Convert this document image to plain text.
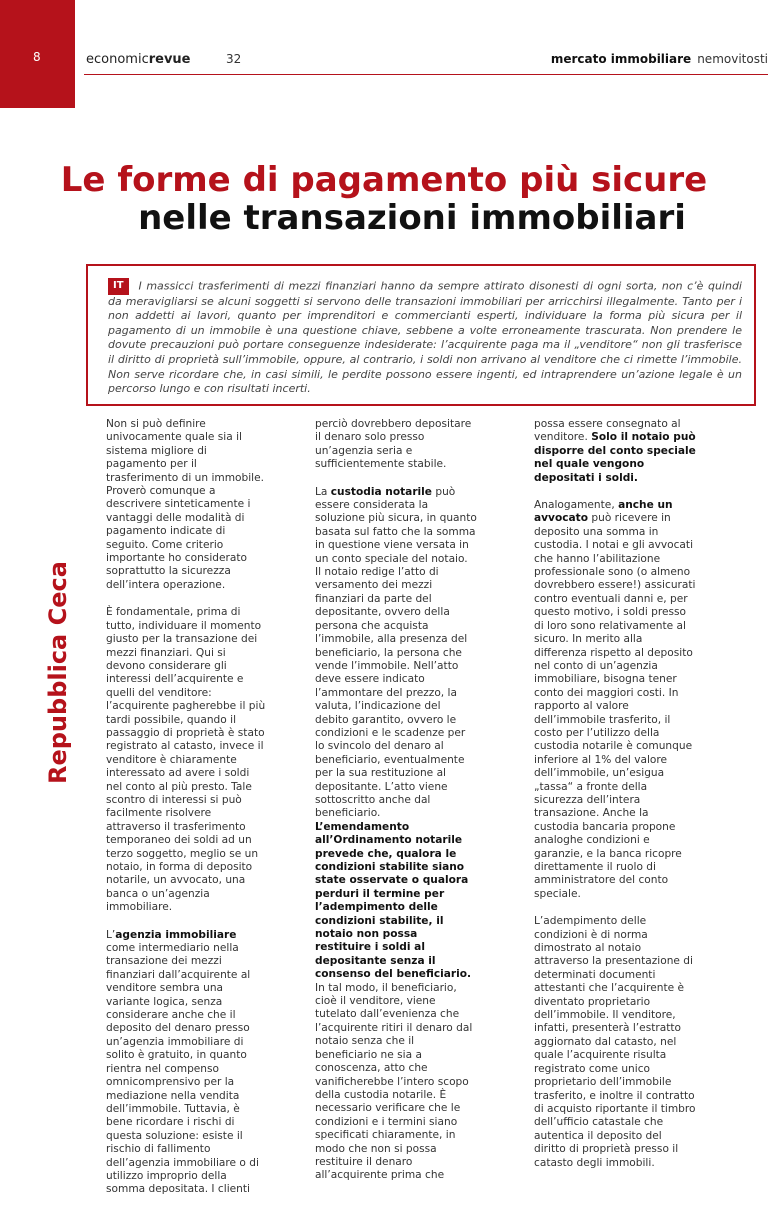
8	economicrevue	32	mercato immobiliare nemovitosti
Le forme di pagamento più sicure
nelle transazioni immobiliari
IT I massicci trasferimenti di mezzi finanziari hanno da sempre attirato disonesti di ogni sorta, non c’è quindi da meravigliarsi se alcuni soggetti si servono delle transazioni immobiliari per arricchirsi illegalmente. Tanto per i non addetti ai lavori, quanto per imprenditori e commercianti esperti, individuare la forma più sicura per il pagamento di un immobile è una questione chiave, sebbene a volte erroneamente trascurata. Non prendere le dovute precauzioni può portare conseguenze indesiderate: l’acquirente paga ma il „venditore“ non gli trasferisce il diritto di proprietà sull’immobile, oppure, al contrario, i soldi non arrivano al venditore che ci rimette l’immobile. Non serve ricordare che, in casi simili, le perdite possono essere ingenti, ed intraprendere un’azione legale è un percorso lungo e con risultati incerti.
Repubblica Ceca

Non si può definire univocamente quale sia il sistema migliore di pagamento per il trasferimento di un immobile. Proverò comunque a descrivere sinteticamente i vantaggi delle modalità di pagamento indicate di seguito. Come criterio importante ho considerato soprattutto la sicurezza dell’intera operazione.

È fondamentale, prima di tutto, individuare il momento giusto per la transazione dei mezzi finanziari. Qui si devono considerare gli interessi dell’acquirente e quelli del venditore: l’acquirente pagherebbe il più tardi possibile, quando il passaggio di proprietà è stato registrato al catasto, invece il venditore è chiaramente interessato ad avere i soldi nel conto al più presto. Tale scontro di interessi si può facilmente risolvere attraverso il trasferimento temporaneo dei soldi ad un terzo soggetto, meglio se un notaio, in forma di deposito notarile, un avvocato, una banca o un’agenzia immobiliare.

L’agenzia immobiliare come intermediario nella transazione dei mezzi finanziari dall’acquirente al venditore sembra una variante logica, senza considerare anche che il deposito del denaro presso un’agenzia immobiliare di solito è gratuito, in quanto rientra nel compenso omnicomprensivo per la mediazione nella vendita dell’immobile. Tuttavia, è bene ricordare i rischi di questa soluzione: esiste il rischio di fallimento dell’agenzia immobiliare o di utilizzo improprio della somma depositata. I clienti

perciò dovrebbero depositare il denaro solo presso un’agenzia seria e sufficientemente stabile.

La custodia notarile può essere considerata la soluzione più sicura, in quanto basata sul fatto che la somma in questione viene versata in un conto speciale del notaio. Il notaio redige l’atto di versamento dei mezzi finanziari da parte del depositante, ovvero della persona che acquista l’immobile, alla presenza del beneficiario, la persona che vende l’immobile. Nell’atto deve essere indicato l’ammontare del prezzo, la valuta, l’indicazione del debito garantito, ovvero le condizioni e le scadenze per lo svincolo del denaro al beneficiario, eventualmente per la sua restituzione al depositante. L’atto viene sottoscritto anche dal beneficiario. L’emendamento all’Ordinamento notarile prevede che, qualora le condizioni stabilite siano state osservate o qualora perduri il termine per l’adempimento delle condizioni stabilite, il notaio non possa restituire i soldi al depositante senza il consenso del beneficiario. In tal modo, il beneficiario, cioè il venditore, viene tutelato dall’evenienza che l’acquirente ritiri il denaro dal notaio senza che il beneficiario ne sia a conoscenza, atto che vanificherebbe l’intero scopo della custodia notarile. È necessario verificare che le condizioni e i termini siano specificati chiaramente, in modo che non si possa restituire il denaro all’acquirente prima che

possa essere consegnato al venditore. Solo il notaio può disporre del conto speciale nel quale vengono depositati i soldi.

Analogamente, anche un avvocato può ricevere in deposito una somma in custodia. I notai e gli avvocati che hanno l’abilitazione professionale sono (o almeno dovrebbero essere!) assicurati contro eventuali danni e, per questo motivo, i soldi presso di loro sono relativamente al sicuro. In merito alla differenza rispetto al deposito nel conto di un’agenzia immobiliare, bisogna tener conto dei maggiori costi. In rapporto al valore dell’immobile trasferito, il costo per l’utilizzo della custodia notarile è comunque inferiore al 1% del valore dell’immobile, un’esigua „tassa“ a fronte della sicurezza dell’intera transazione. Anche la custodia bancaria propone analoghe condizioni e garanzie, e la banca ricopre direttamente il ruolo di amministratore del conto speciale.

L’adempimento delle condizioni è di norma dimostrato al notaio attraverso la presentazione di determinati documenti attestanti che l’acquirente è diventato proprietario dell’immobile. Il venditore, infatti, presenterà l’estratto aggiornato dal catasto, nel quale l’acquirente risulta registrato come unico proprietario dell’immobile trasferito, e inoltre il contratto di acquisto riportante il timbro dell’ufficio catastale che autentica il deposito del diritto di proprietà presso il catasto degli immobili.
